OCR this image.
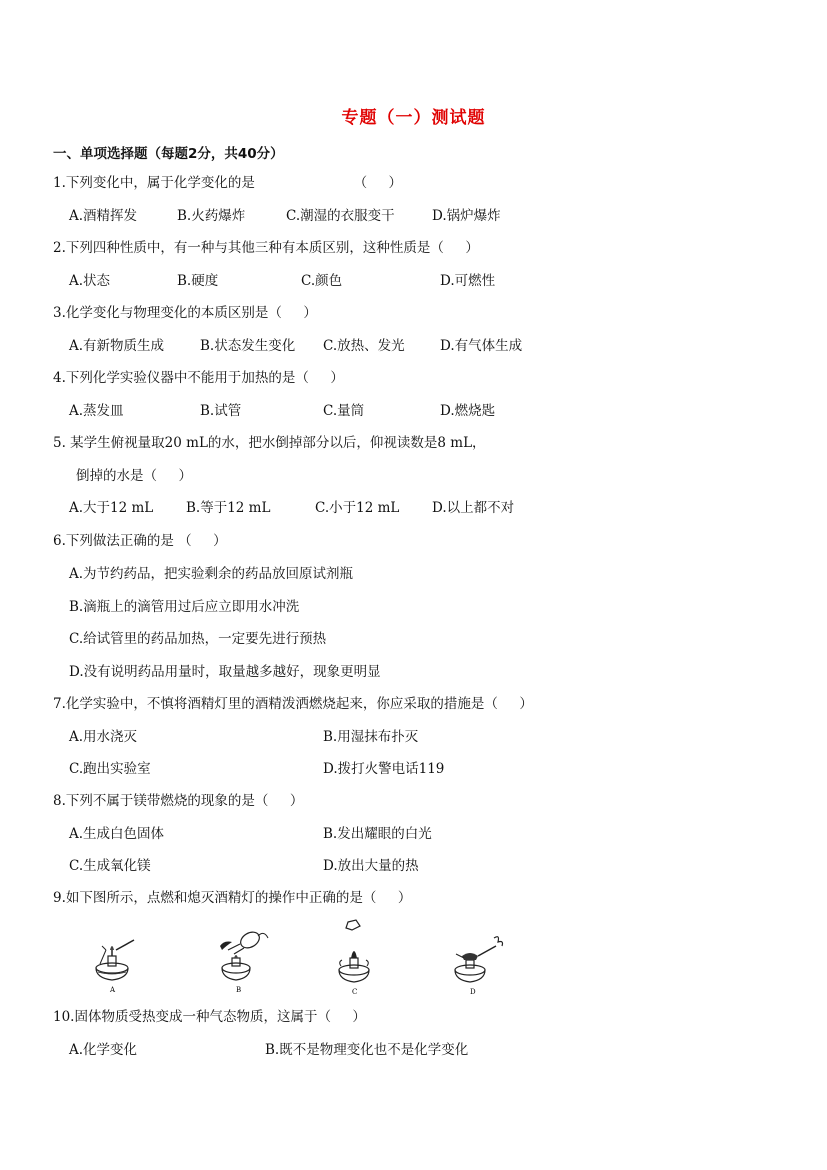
专题（一）测试题
一、单项选择题（每题2分，共40分）
1.下列变化中，属于化学变化的是                       （     ）
A.酒精挥发	B.火药爆炸	C.潮湿的衣服变干	D.锅炉爆炸
2.下列四种性质中，有一种与其他三种有本质区别，这种性质是（     ）
A.状态	B.硬度	C.颜色	D.可燃性
3.化学变化与物理变化的本质区别是（     ）
A.有新物质生成	B.状态发生变化 C.放热、发光	D.有气体生成
4.下列化学实验仪器中不能用于加热的是（     ）
A.蒸发皿	B.试管	C.量筒	D.燃烧匙
5. 某学生俯视量取20 mL的水，把水倒掉部分以后，仰视读数是8 mL，
倒掉的水是（     ）
A.大于12 mL B.等于12 mL	C.小于12 mL D.以上都不对
6.下列做法正确的是 （     ）
A.为节约药品，把实验剩余的药品放回原试剂瓶
B.滴瓶上的滴管用过后应立即用水冲洗
C.给试管里的药品加热，一定要先进行预热
D.没有说明药品用量时，取量越多越好，现象更明显
7.化学实验中，不慎将酒精灯里的酒精泼洒燃烧起来，你应采取的措施是（     ）
A.用水浇灭	B.用湿抹布扑灭
C.跑出实验室	D.拨打火警电话119
8.下列不属于镁带燃烧的现象的是（     ）
A.生成白色固体	B.发出耀眼的白光
C.生成氧化镁	D.放出大量的热
9.如下图所示，点燃和熄灭酒精灯的操作中正确的是（     ）
A	B	C	D
10.固体物质受热变成一种气态物质，这属于（     ）
A.化学变化	B.既不是物理变化也不是化学变化
